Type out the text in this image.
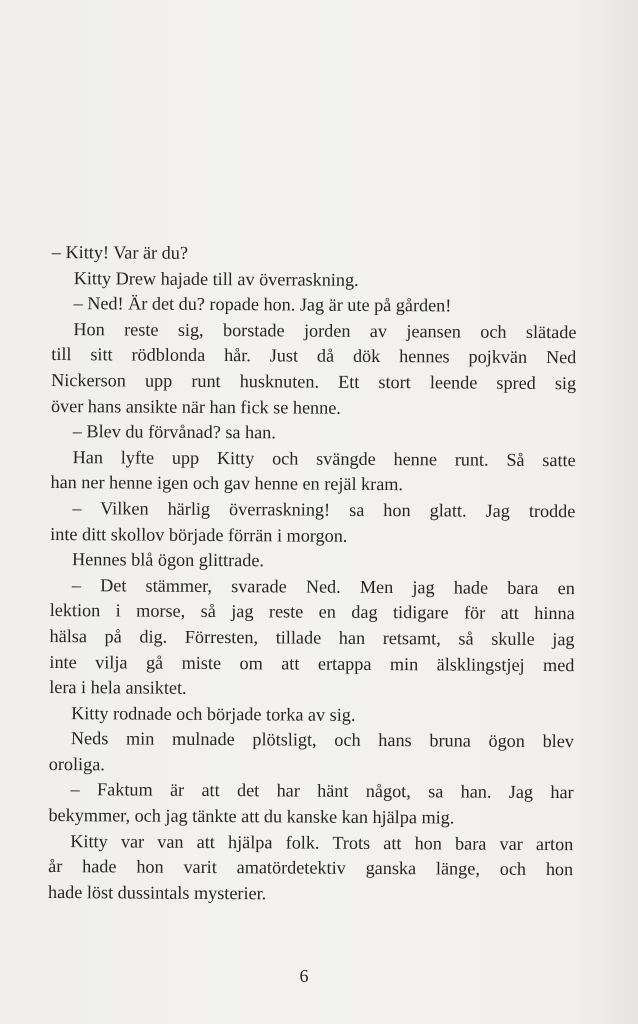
– Kitty! Var är du?
Kitty Drew hajade till av överraskning.
– Ned! Är det du? ropade hon. Jag är ute på gården!
Hon reste sig, borstade jorden av jeansen och slätade
till sitt rödblonda hår. Just då dök hennes pojkvän Ned
Nickerson upp runt husknuten. Ett stort leende spred sig
över hans ansikte när han fick se henne.
– Blev du förvånad? sa han.
Han lyfte upp Kitty och svängde henne runt. Så satte
han ner henne igen och gav henne en rejäl kram.
– Vilken härlig överraskning! sa hon glatt. Jag trodde
inte ditt skollov började förrän i morgon.
Hennes blå ögon glittrade.
– Det stämmer, svarade Ned. Men jag hade bara en
lektion i morse, så jag reste en dag tidigare för att hinna
hälsa på dig. Förresten, tillade han retsamt, så skulle jag
inte vilja gå miste om att ertappa min älsklingstjej med
lera i hela ansiktet.
Kitty rodnade och började torka av sig.
Neds min mulnade plötsligt, och hans bruna ögon blev
oroliga.
– Faktum är att det har hänt något, sa han. Jag har
bekymmer, och jag tänkte att du kanske kan hjälpa mig.
Kitty var van att hjälpa folk. Trots att hon bara var arton
år hade hon varit amatördetektiv ganska länge, och hon
hade löst dussintals mysterier.
6
